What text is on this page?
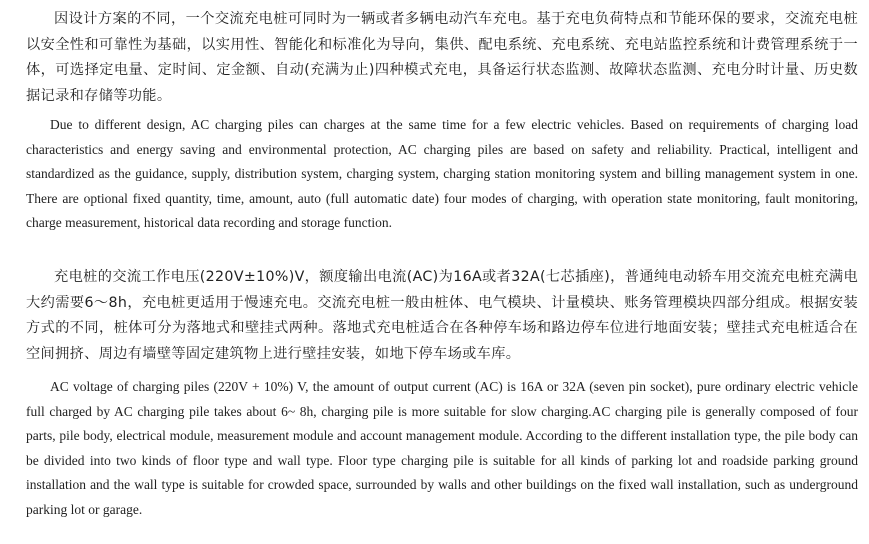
因设计方案的不同，一个交流充电桩可同时为一辆或者多辆电动汽车充电。基于充电负荷特点和节能环保的要求，交流充电桩以安全性和可靠性为基础，以实用性、智能化和标准化为导向，集供、配电系统、充电系统、充电站监控系统和计费管理系统于一体，可选择定电量、定时间、定金额、自动(充满为止)四种模式充电，具备运行状态监测、故障状态监测、充电分时计量、历史数据记录和存储等功能。

Due to different design, AC charging piles can charges at the same time for a few electric vehicles. Based on requirements of charging load characteristics and energy saving and environmental protection, AC charging piles are based on safety and reliability. Practical, intelligent and standardized as the guidance, supply, distribution system, charging system, charging station monitoring system and billing management system in one. There are optional fixed quantity, time, amount, auto (full automatic date) four modes of charging, with operation state monitoring, fault monitoring, charge measurement, historical data recording and storage function.

充电桩的交流工作电压(220V±10%)V，额度输出电流(AC)为16A或者32A(七芯插座)，普通纯电动轿车用交流充电桩充满电大约需要6～8h，充电桩更适用于慢速充电。交流充电桩一般由桩体、电气模块、计量模块、账务管理模块四部分组成。根据安装方式的不同，桩体可分为落地式和壁挂式两种。落地式充电桩适合在各种停车场和路边停车位进行地面安装；壁挂式充电桩适合在空间拥挤、周边有墙壁等固定建筑物上进行壁挂安装，如地下停车场或车库。

AC voltage of charging piles (220V + 10%) V, the amount of output current (AC) is 16A or 32A (seven pin socket), pure ordinary electric vehicle full charged by AC charging pile takes about 6~ 8h, charging pile is more suitable for slow charging.AC charging pile is generally composed of four parts, pile body, electrical module, measurement module and account management module. According to the different installation type, the pile body can be divided into two kinds of floor type and wall type. Floor type charging pile is suitable for all kinds of parking lot and roadside parking ground installation and the wall type is suitable for crowded space, surrounded by walls and other buildings on the fixed wall installation, such as underground parking lot or garage.
